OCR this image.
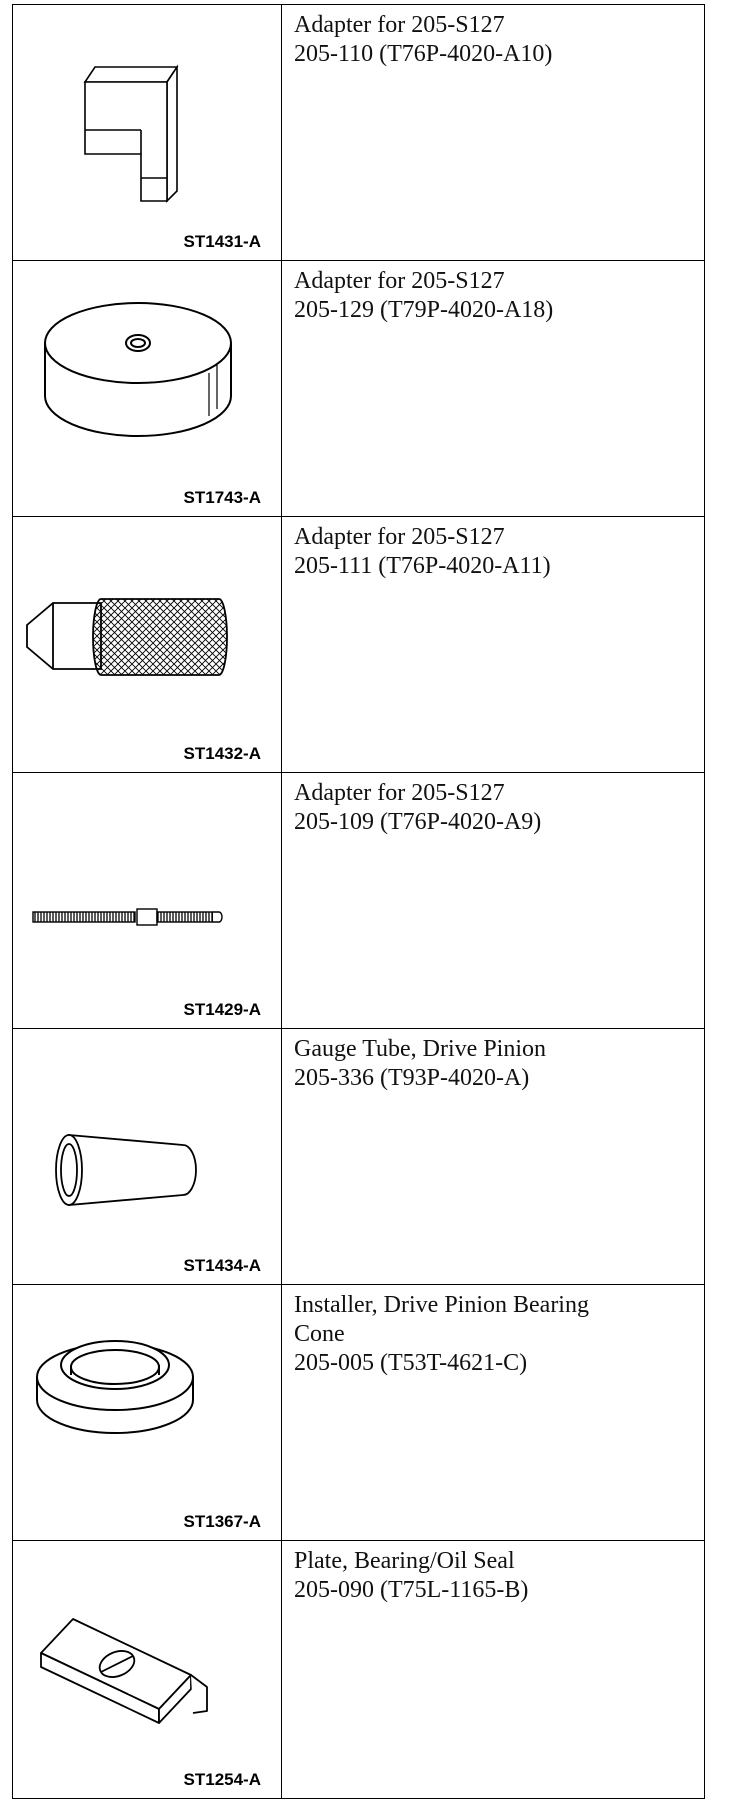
ST1431-A	Adapter for 205-S127
205-110 (T76P-4020-A10)

ST1743-A	Adapter for 205-S127
205-129 (T79P-4020-A18)

ST1432-A	Adapter for 205-S127
205-111 (T76P-4020-A11)

ST1429-A	Adapter for 205-S127
205-109 (T76P-4020-A9)

ST1434-A	Gauge Tube, Drive Pinion
205-336 (T93P-4020-A)

ST1367-A	Installer, Drive Pinion Bearing
Cone
205-005 (T53T-4621-C)

ST1254-A	Plate, Bearing/Oil Seal
205-090 (T75L-1165-B)
